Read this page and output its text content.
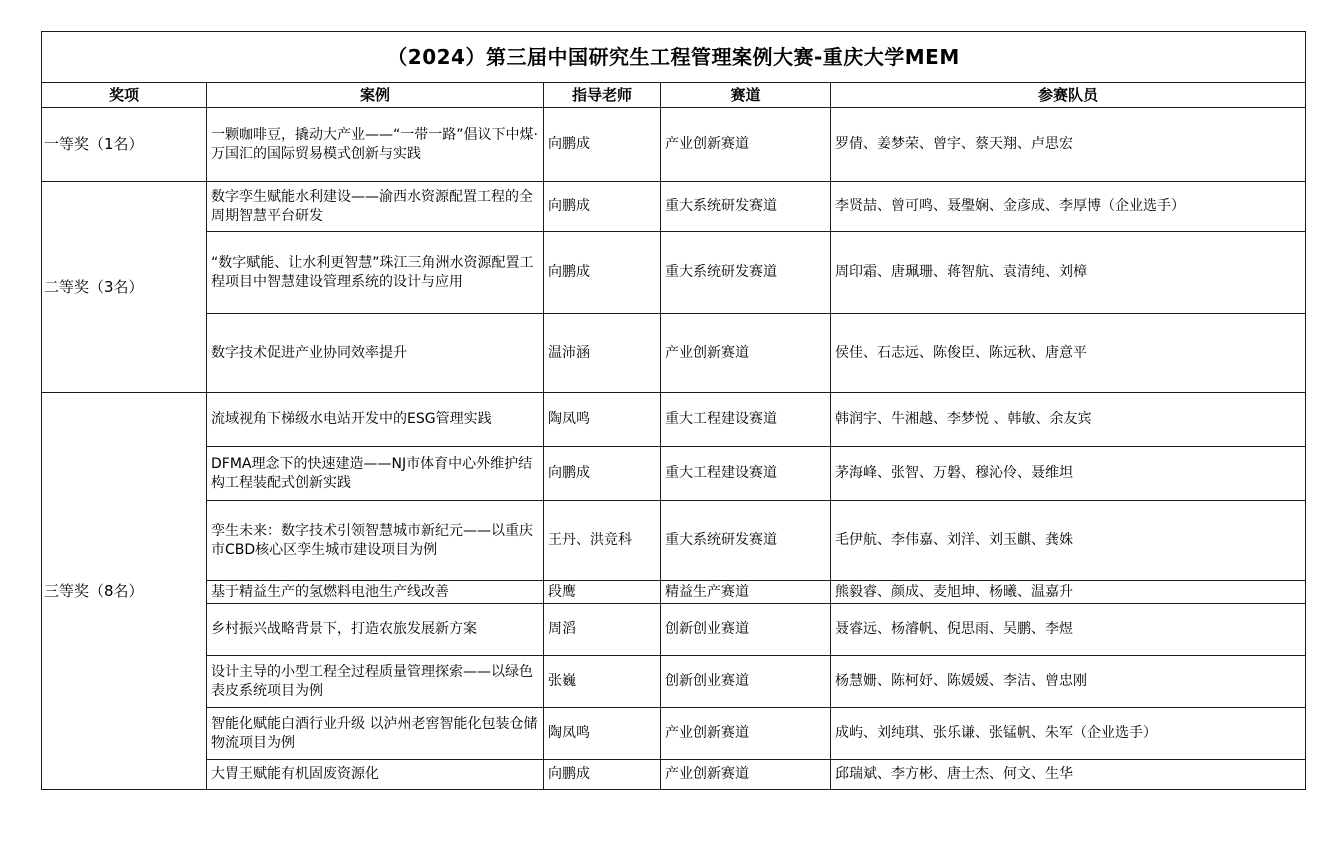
（2024）第三届中国研究生工程管理案例大赛-重庆大学MEM				
奖项	案例	指导老师	赛道	参赛队员
一等奖（1名）	一颗咖啡豆，撬动大产业——“一带一路”倡议下中煤·万国汇的国际贸易模式创新与实践	向鹏成	产业创新赛道	罗倩、姜梦荣、曾宇、蔡天翔、卢思宏
二等奖（3名）	数字孪生赋能水利建设——渝西水资源配置工程的全周期智慧平台研发	向鹏成	重大系统研发赛道	李贤喆、曾可鸣、聂璺娴、金彦成、李厚博（企业选手）
	“数字赋能、让水利更智慧”珠江三角洲水资源配置工程项目中智慧建设管理系统的设计与应用	向鹏成	重大系统研发赛道	周印霜、唐珮珊、蒋智航、袁清纯、刘樟
	数字技术促进产业协同效率提升	温沛涵	产业创新赛道	侯佳、石志远、陈俊臣、陈远秋、唐意平
三等奖（8名）	流域视角下梯级水电站开发中的ESG管理实践	陶凤鸣	重大工程建设赛道	韩润宇、牛湘越、李梦悦 、韩敏、余友宾
	DFMA理念下的快速建造——NJ市体育中心外维护结构工程装配式创新实践	向鹏成	重大工程建设赛道	茅海峰、张智、万磐、穆沁伶、聂维坦
	孪生未来：数字技术引领智慧城市新纪元——以重庆市CBD核心区孪生城市建设项目为例	王丹、洪竞科	重大系统研发赛道	毛伊航、李伟嘉、刘洋、刘玉麒、龚姝
	基于精益生产的氢燃料电池生产线改善	段鹰	精益生产赛道	熊毅睿、颜成、麦旭坤、杨曦、温嘉升
	乡村振兴战略背景下，打造农旅发展新方案	周滔	创新创业赛道	聂睿远、杨濬帆、倪思雨、吴鹏、李煜
	设计主导的小型工程全过程质量管理探索——以绿色表皮系统项目为例	张巍	创新创业赛道	杨慧姗、陈柯妤、陈媛媛、李洁、曾忠刚
	智能化赋能白酒行业升级 以泸州老窖智能化包装仓储物流项目为例	陶凤鸣	产业创新赛道	成屿、刘纯琪、张乐谦、张锰帆、朱军（企业选手）
	大胃王赋能有机固废资源化	向鹏成	产业创新赛道	邱瑞斌、李方彬、唐士杰、何文、生华
